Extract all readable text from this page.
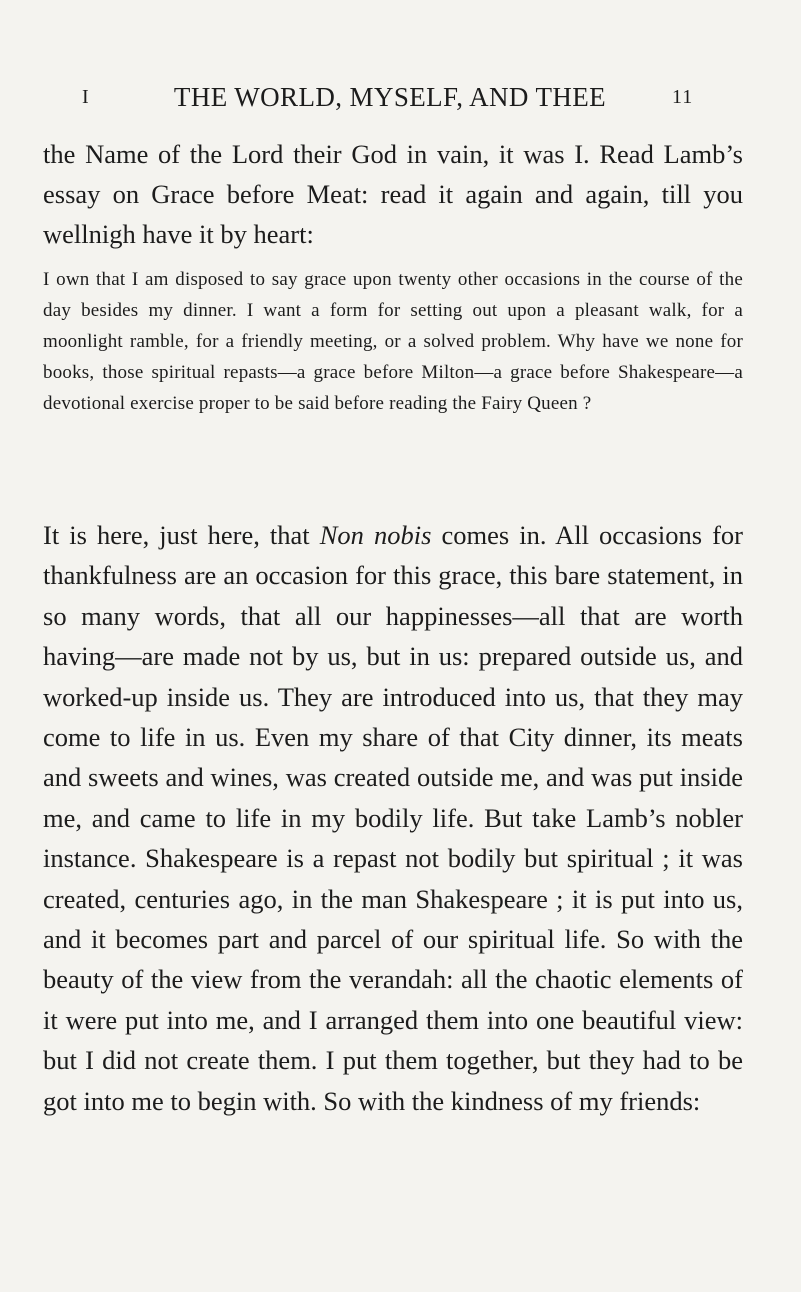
I	THE WORLD, MYSELF, AND THEE	11

the Name of the Lord their God in vain, it was I. Read Lamb’s essay on Grace before Meat: read it again and again, till you wellnigh have it by heart:

I own that I am disposed to say grace upon twenty other occasions in the course of the day besides my dinner. I want a form for setting out upon a pleasant walk, for a moonlight ramble, for a friendly meeting, or a solved problem. Why have we none for books, those spiritual repasts—a grace before Milton—a grace before Shakespeare—a devotional exercise proper to be said before reading the Fairy Queen ?

It is here, just here, that Non nobis comes in. All occasions for thankfulness are an occasion for this grace, this bare statement, in so many words, that all our happinesses—all that are worth having—are made not by us, but in us: prepared outside us, and worked-up inside us. They are introduced into us, that they may come to life in us. Even my share of that City dinner, its meats and sweets and wines, was created outside me, and was put inside me, and came to life in my bodily life. But take Lamb’s nobler instance. Shakespeare is a repast not bodily but spiritual ; it was created, centuries ago, in the man Shakespeare ; it is put into us, and it becomes part and parcel of our spiritual life. So with the beauty of the view from the verandah: all the chaotic elements of it were put into me, and I arranged them into one beautiful view: but I did not create them. I put them together, but they had to be got into me to begin with. So with the kindness of my friends:
